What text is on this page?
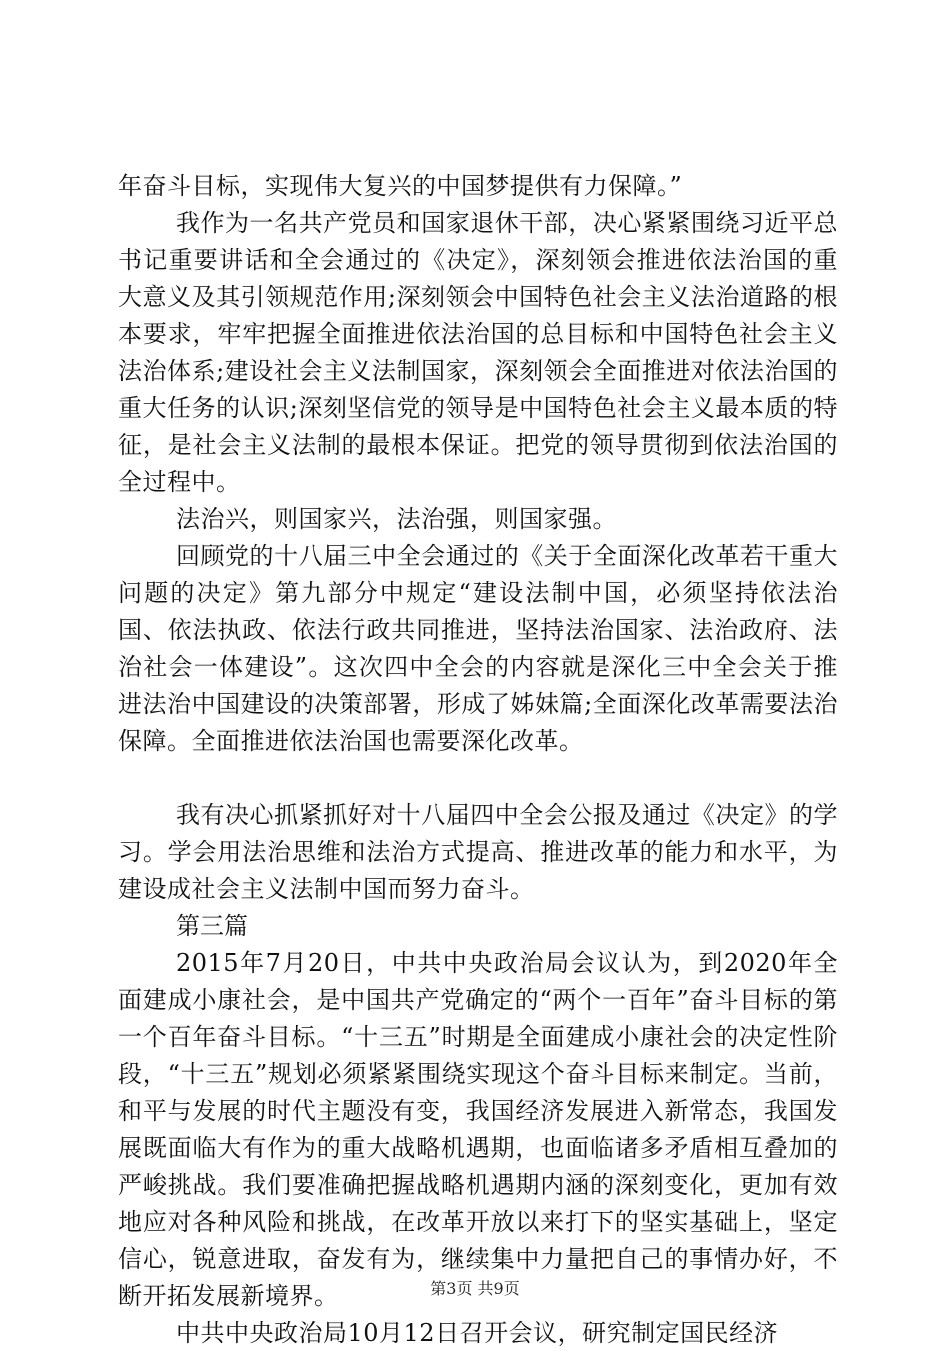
年奋斗目标，实现伟大复兴的中国梦提供有力保障。”

我作为一名共产党员和国家退休干部，决心紧紧围绕习近平总书记重要讲话和全会通过的《决定》，深刻领会推进依法治国的重大意义及其引领规范作用;深刻领会中国特色社会主义法治道路的根本要求，牢牢把握全面推进依法治国的总目标和中国特色社会主义法治体系;建设社会主义法制国家，深刻领会全面推进对依法治国的重大任务的认识;深刻坚信党的领导是中国特色社会主义最本质的特征，是社会主义法制的最根本保证。把党的领导贯彻到依法治国的全过程中。

法治兴，则国家兴，法治强，则国家强。

回顾党的十八届三中全会通过的《关于全面深化改革若干重大问题的决定》第九部分中规定“建设法制中国，必须坚持依法治国、依法执政、依法行政共同推进，坚持法治国家、法治政府、法治社会一体建设”。这次四中全会的内容就是深化三中全会关于推进法治中国建设的决策部署，形成了姊妹篇;全面深化改革需要法治保障。全面推进依法治国也需要深化改革。

我有决心抓紧抓好对十八届四中全会公报及通过《决定》的学习。学会用法治思维和法治方式提高、推进改革的能力和水平，为建设成社会主义法制中国而努力奋斗。

第三篇

2015年7月20日，中共中央政治局会议认为，到2020年全面建成小康社会，是中国共产党确定的“两个一百年”奋斗目标的第一个百年奋斗目标。“十三五”时期是全面建成小康社会的决定性阶段，“十三五”规划必须紧紧围绕实现这个奋斗目标来制定。当前，和平与发展的时代主题没有变，我国经济发展进入新常态，我国发展既面临大有作为的重大战略机遇期，也面临诸多矛盾相互叠加的严峻挑战。我们要准确把握战略机遇期内涵的深刻变化，更加有效地应对各种风险和挑战，在改革开放以来打下的坚实基础上，坚定信心，锐意进取，奋发有为，继续集中力量把自己的事情办好，不断开拓发展新境界。

中共中央政治局10月12日召开会议，研究制定国民经济

第3页 共9页
